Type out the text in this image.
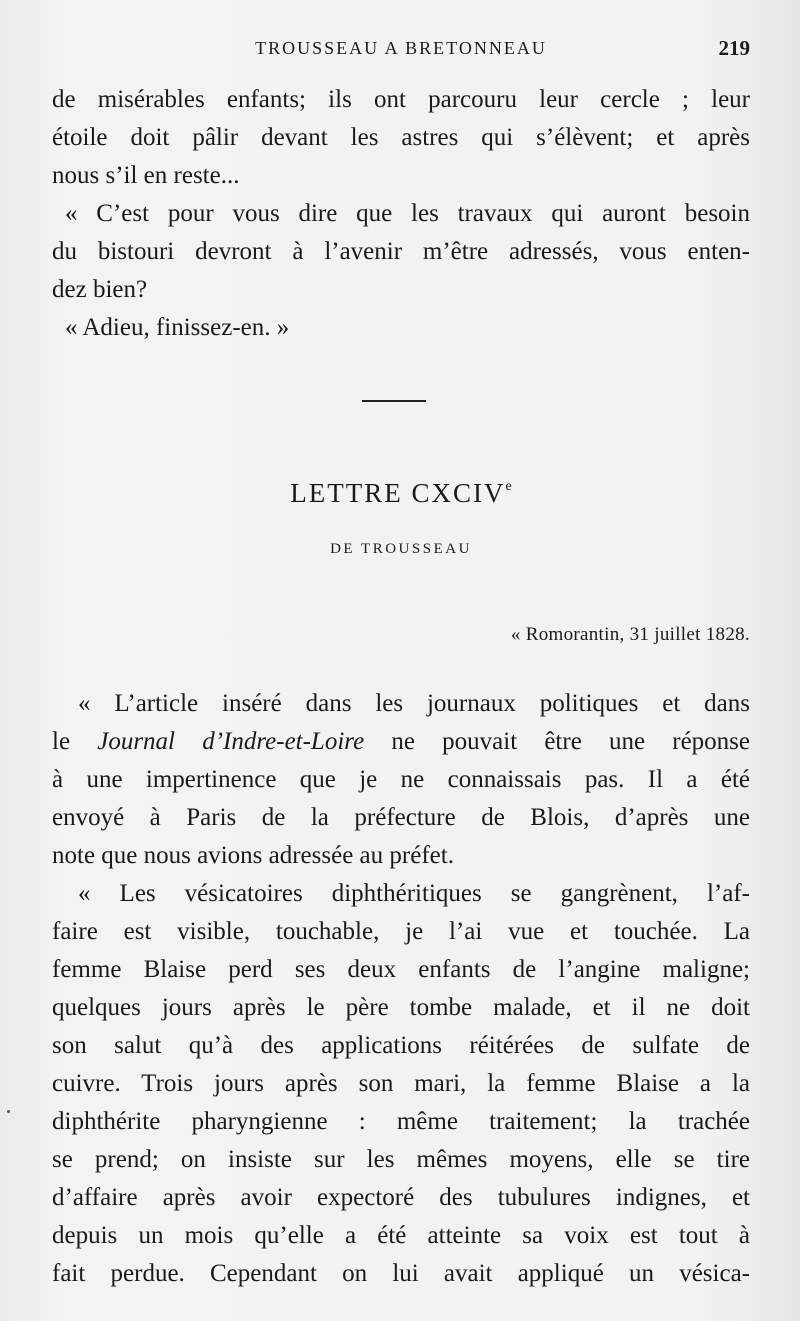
TROUSSEAU A BRETONNEAU	219
de misérables enfants; ils ont parcouru leur cercle ; leur
étoile doit pâlir devant les astres qui s’élèvent; et après
nous s’il en reste...
« C’est pour vous dire que les travaux qui auront besoin
du bistouri devront à l’avenir m’être adressés, vous enten-
dez bien?
« Adieu, finissez-en. »
LETTRE CXCIVe
DE TROUSSEAU
« Romorantin, 31 juillet 1828.
« L’article inséré dans les journaux politiques et dans
le Journal d’Indre-et-Loire ne pouvait être une réponse
à une impertinence que je ne connaissais pas. Il a été
envoyé à Paris de la préfecture de Blois, d’après une
note que nous avions adressée au préfet.
« Les vésicatoires diphthéritiques se gangrènent, l’af-
faire est visible, touchable, je l’ai vue et touchée. La
femme Blaise perd ses deux enfants de l’angine maligne;
quelques jours après le père tombe malade, et il ne doit
son salut qu’à des applications réitérées de sulfate de
cuivre. Trois jours après son mari, la femme Blaise a la
diphthérite pharyngienne : même traitement; la trachée
se prend; on insiste sur les mêmes moyens, elle se tire
d’affaire après avoir expectoré des tubulures indignes, et
depuis un mois qu’elle a été atteinte sa voix est tout à
fait perdue. Cependant on lui avait appliqué un vésica-
